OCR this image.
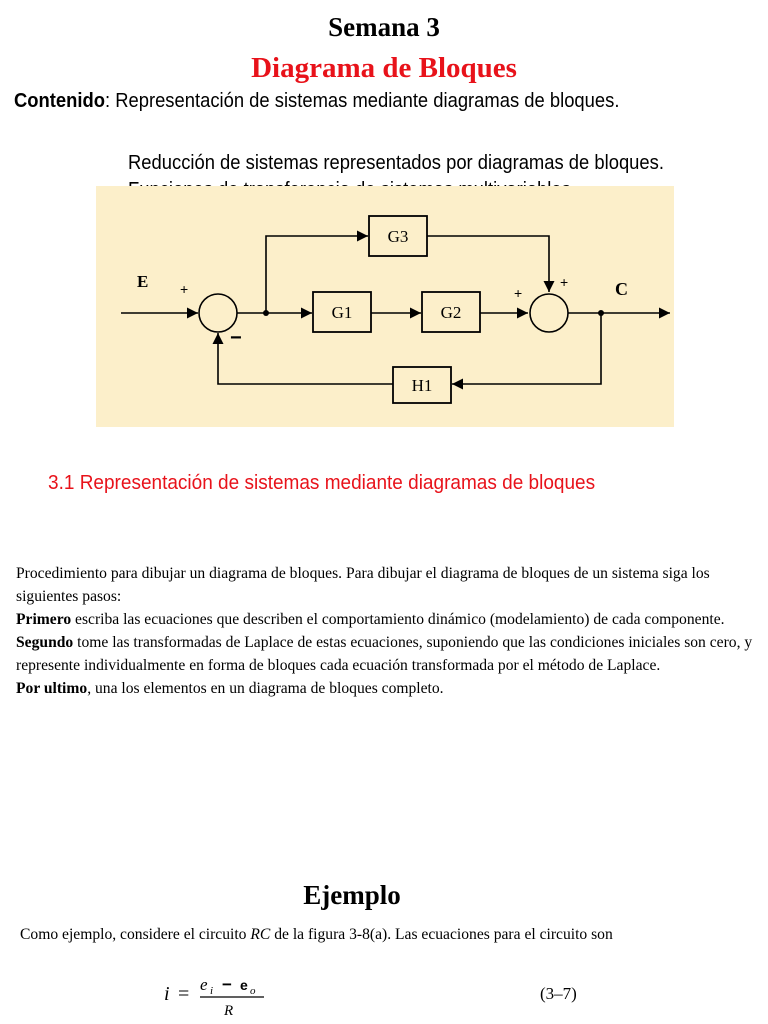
Semana 3
Diagrama de Bloques
Contenido: Representación de sistemas mediante diagramas de bloques.
Reducción de sistemas representados por diagramas de bloques.
G1	G2
G3
H1
E	C
+
−
+
+
3.1 Representación de sistemas mediante diagramas de bloques

Procedimiento para dibujar un diagrama de bloques. Para dibujar el diagrama de bloques de un sistema siga los siguientes pasos:

Primero escriba las ecuaciones que describen el comportamiento dinámico (modelamiento) de cada componente.

Segundo tome las transformadas de Laplace de estas ecuaciones, suponiendo que las condiciones iniciales son cero, y represente individualmente en forma de bloques cada ecuación transformada por el método de Laplace.

Por ultimo, una los elementos en un diagrama de bloques completo.

Ejemplo
Como ejemplo, considere el circuito RC de la figura 3-8(a). Las ecuaciones para el circuito son
i = e i − e o
R
(3–7)
